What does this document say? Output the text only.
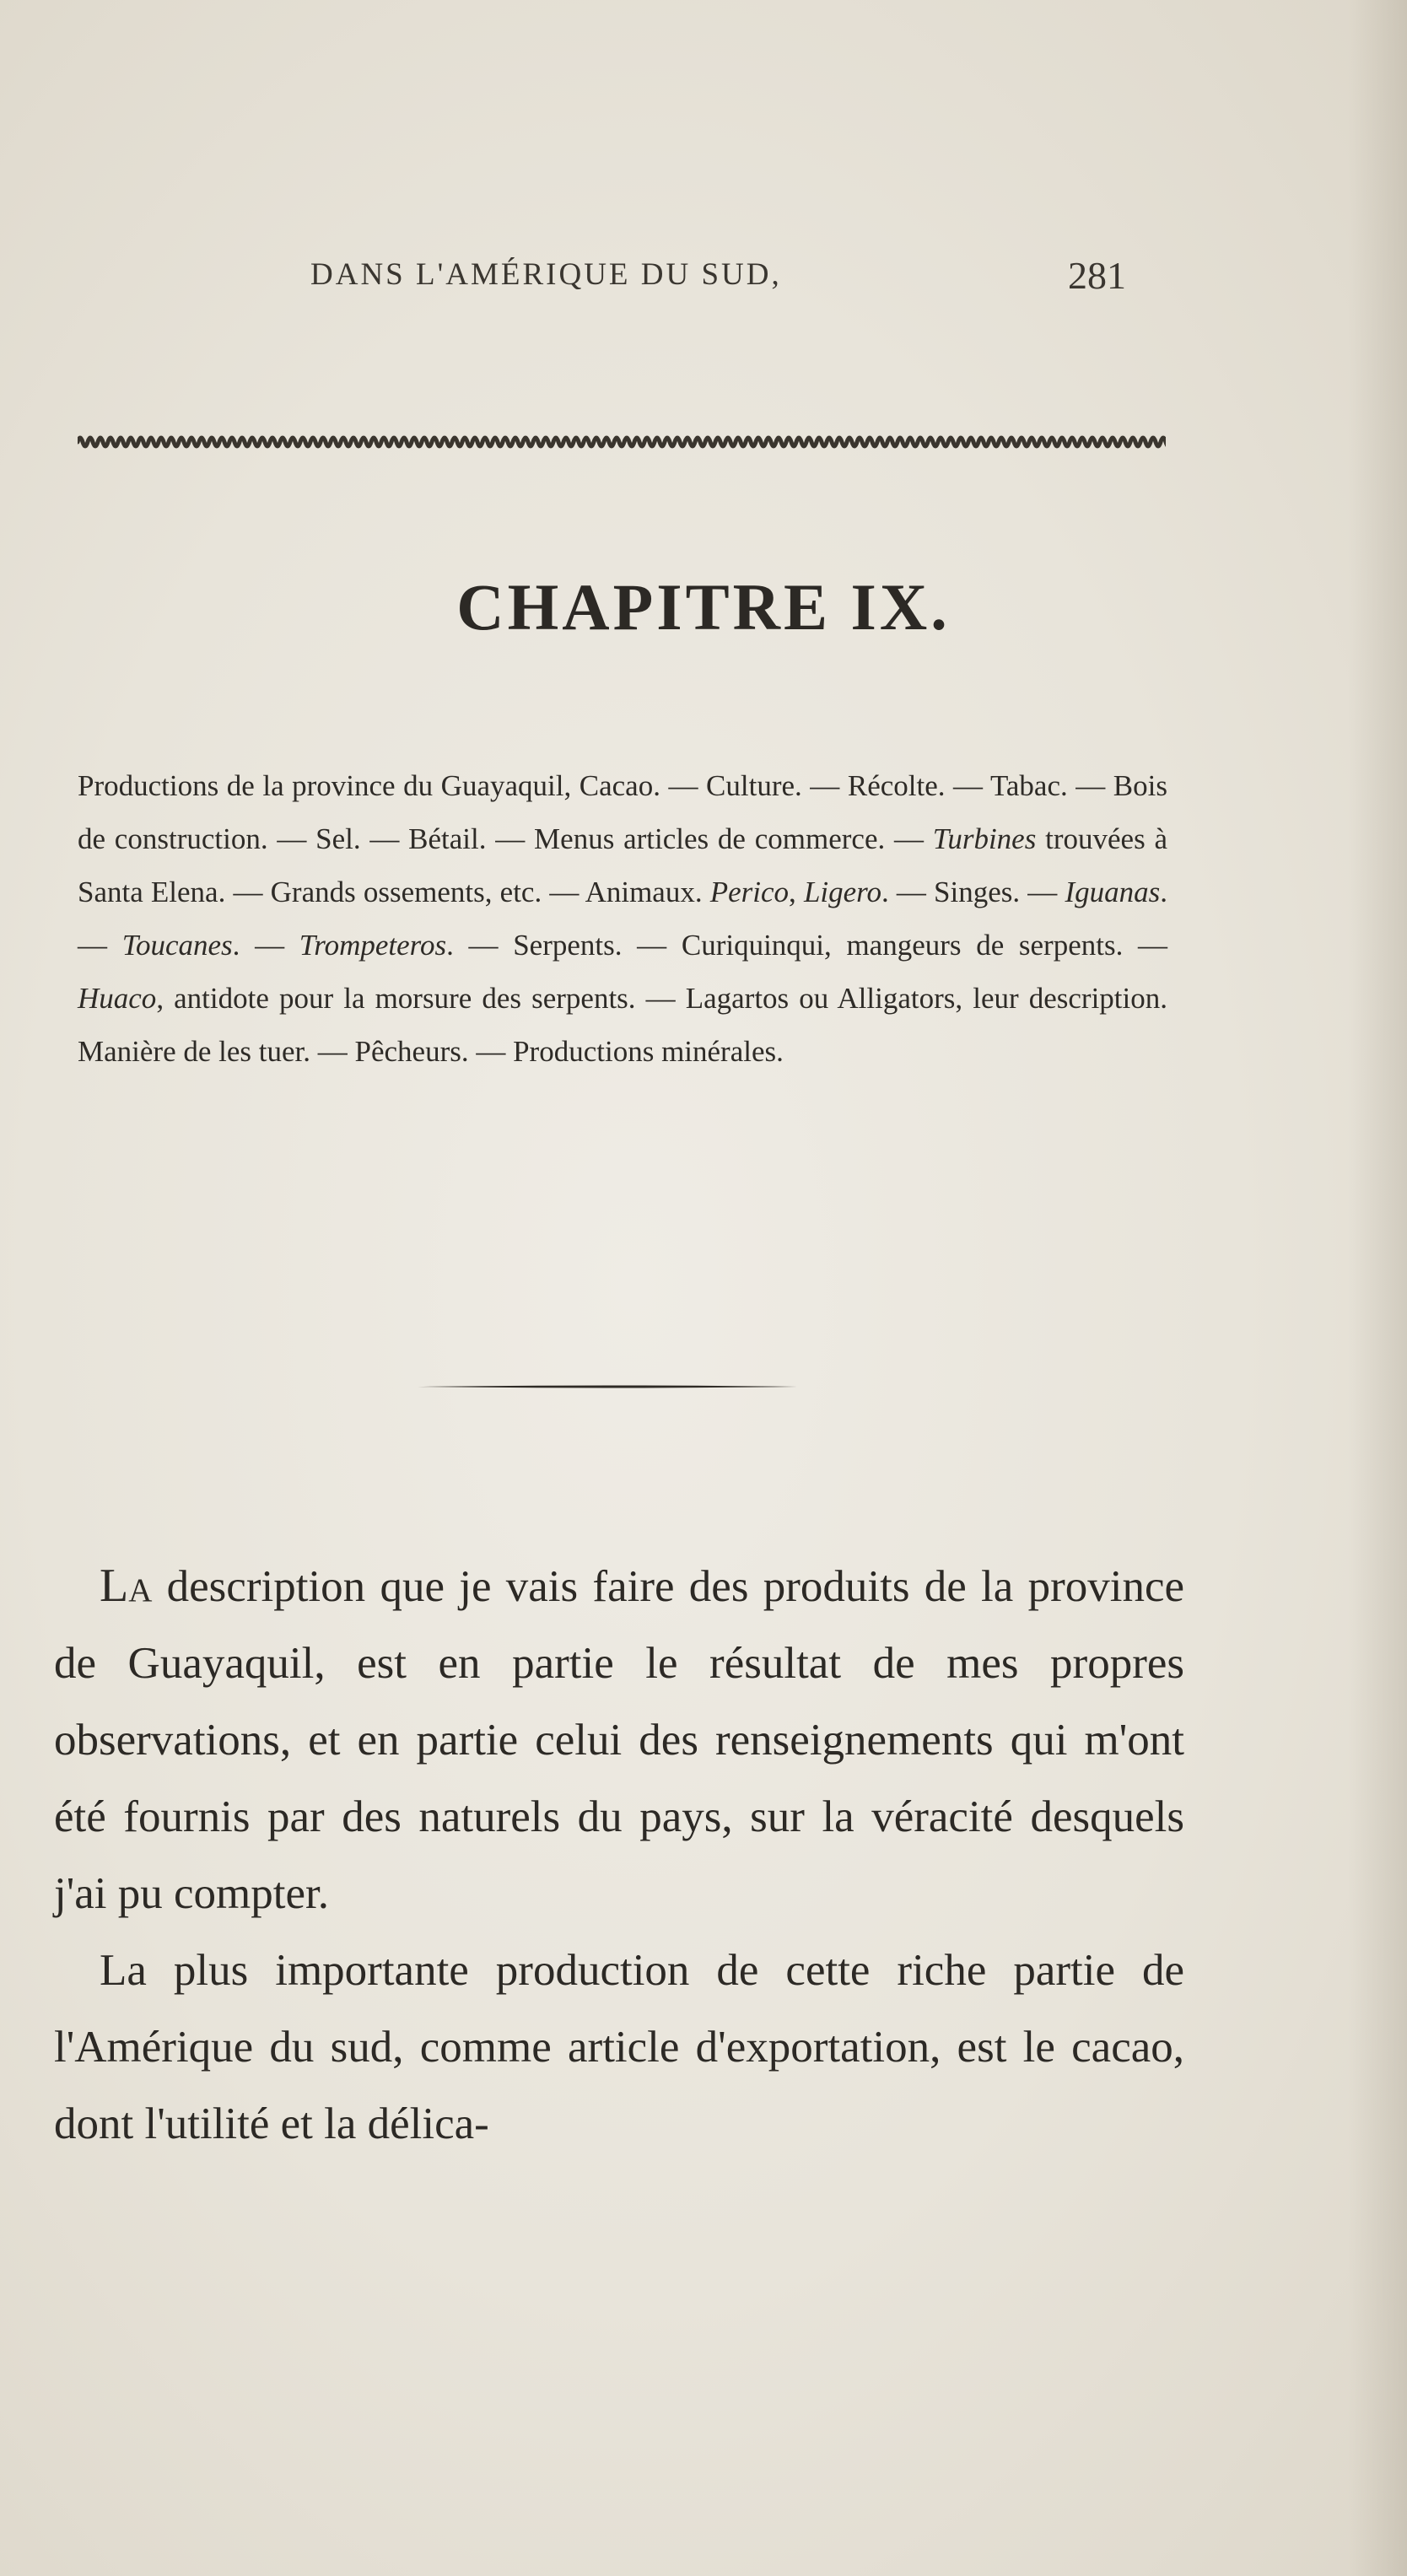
DANS L'AMÉRIQUE DU SUD,	281
CHAPITRE IX.
Productions de la province du Guayaquil, Cacao. — Culture. — Récolte. — Tabac. — Bois de construction. — Sel. — Bétail. — Menus articles de commerce. — Turbines trouvées à Santa Elena. — Grands ossements, etc. — Animaux. Perico, Ligero. — Singes. — Iguanas. — Toucanes. — Trompeteros. — Serpents. — Curiquinqui, mangeurs de serpents. — Huaco, antidote pour la morsure des serpents. — Lagartos ou Alligators, leur description. Manière de les tuer. — Pêcheurs. — Productions minérales.

La description que je vais faire des produits de la province de Guayaquil, est en partie le résultat de mes propres observations, et en partie celui des renseignements qui m'ont été fournis par des naturels du pays, sur la véracité desquels j'ai pu compter.

La plus importante production de cette riche partie de l'Amérique du sud, comme article d'exportation, est le cacao, dont l'utilité et la délica-
